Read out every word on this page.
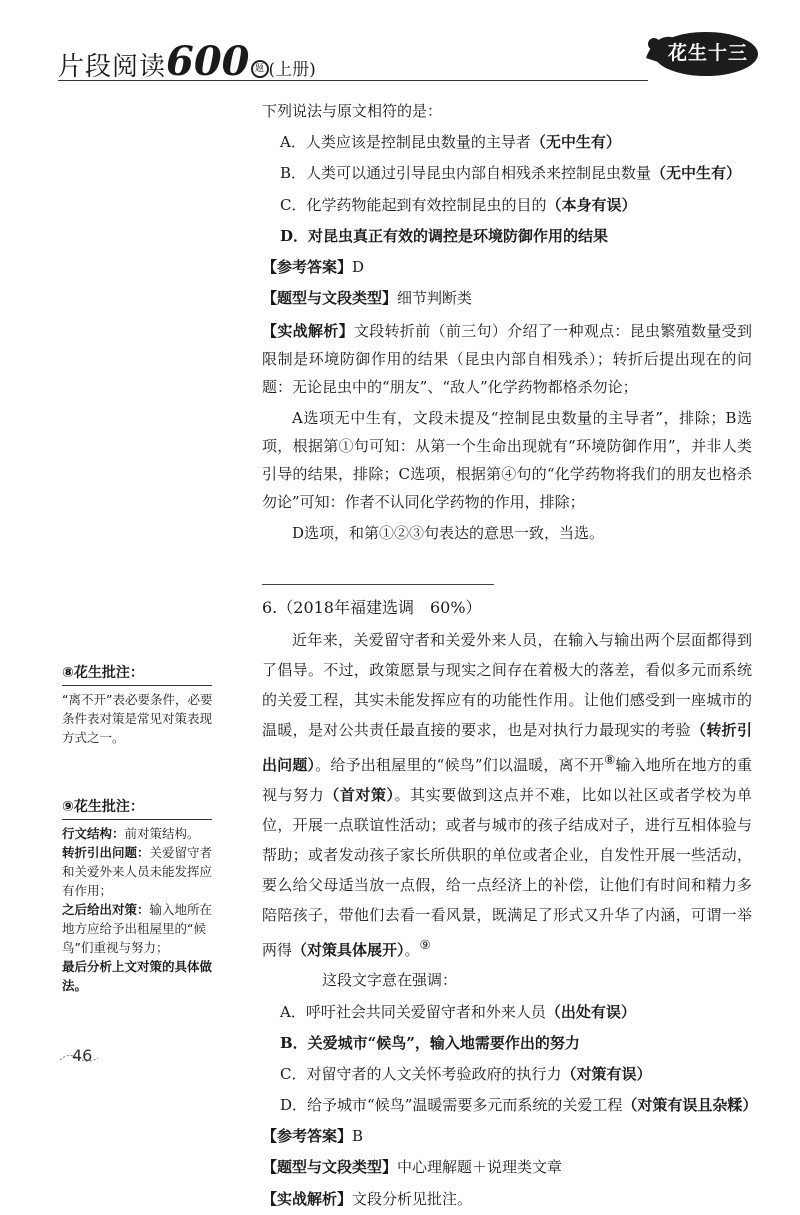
片段阅读600 题 (上册)
花生十三
下列说法与原文相符的是：
A．人类应该是控制昆虫数量的主导者（无中生有）
B．人类可以通过引导昆虫内部自相残杀来控制昆虫数量（无中生有）
C．化学药物能起到有效控制昆虫的目的（本身有误）
D．对昆虫真正有效的调控是环境防御作用的结果
【参考答案】D
【题型与文段类型】细节判断类

【实战解析】文段转折前（前三句）介绍了一种观点：昆虫繁殖数量受到限制是环境防御作用的结果（昆虫内部自相残杀）；转折后提出现在的问题：无论昆虫中的“朋友”、“敌人”化学药物都格杀勿论；

A选项无中生有，文段未提及“控制昆虫数量的主导者”，排除；B选项，根据第①句可知：从第一个生命出现就有“环境防御作用”，并非人类引导的结果，排除；C选项，根据第④句的“化学药物将我们的朋友也格杀勿论”可知：作者不认同化学药物的作用，排除；

D选项，和第①②③句表达的意思一致，当选。

6.（2018年福建选调　60%）

近年来，关爱留守者和关爱外来人员，在输入与输出两个层面都得到了倡导。不过，政策愿景与现实之间存在着极大的落差，看似多元而系统的关爱工程，其实未能发挥应有的功能性作用。让他们感受到一座城市的温暖，是对公共责任最直接的要求，也是对执行力最现实的考验（转折引出问题）。给予出租屋里的“候鸟”们以温暖，离不开⑧输入地所在地方的重视与努力（首对策）。其实要做到这点并不难，比如以社区或者学校为单位，开展一点联谊性活动；或者与城市的孩子结成对子，进行互相体验与帮助；或者发动孩子家长所供职的单位或者企业，自发性开展一些活动，要么给父母适当放一点假，给一点经济上的补偿，让他们有时间和精力多陪陪孩子，带他们去看一看风景，既满足了形式又升华了内涵，可谓一举两得（对策具体展开）。⑨

这段文字意在强调：
A．呼吁社会共同关爱留守者和外来人员（出处有误）
B．关爱城市“候鸟”，输入地需要作出的努力
C．对留守者的人文关怀考验政府的执行力（对策有误）
D．给予城市“候鸟”温暖需要多元而系统的关爱工程（对策有误且杂糅）
【参考答案】B
【题型与文段类型】中心理解题＋说理类文章
【实战解析】文段分析见批注。
⑧花生批注：
“离不开”表必要条件，必要条件表对策是常见对策表现方式之一。
⑨花生批注：
行文结构：前对策结构。
转折引出问题：关爱留守者和关爱外来人员未能发挥应有作用；
之后给出对策：输入地所在地方应给予出租屋里的“候鸟”们重视与努力；
最后分析上文对策的具体做法。
46
